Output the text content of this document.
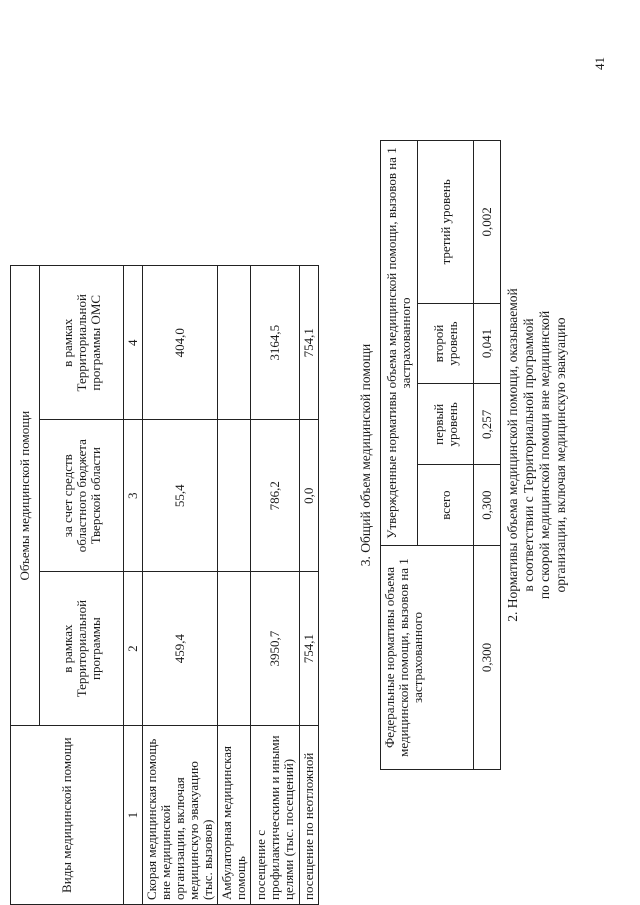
41
2. Нормативы объема медицинской помощи, оказываемой в соответствии с Территориальной программой по скорой медицинской помощи вне медицинской организации, включая медицинскую эвакуацию
Федеральные нормативы объема медицинской помощи, вызовов на 1 застрахованного	Утвержденные нормативы объема медицинской помощи, вызовов на 1 застрахованного			
	всего	первый уровень	второй уровень	третий уровень
0,300	0,300	0,257	0,041	0,002
3. Общий объем медицинской помощи
Виды медицинской помощи	Объемы медицинской помощи		
	в рамках Территориальной программы	за счет средств областного бюджета Тверской области	в рамках Территориальной программы ОМС
1	2	3	4
Скорая медицинская помощь вне медицинской организации, включая медицинскую эвакуацию (тыс. вызовов)	459,4	55,4	404,0
Амбулаторная медицинская помощь			
посещение с профилактическими и иными целями (тыс. посещений)	3950,7	786,2	3164,5
посещение по неотложной	754,1	0,0	754,1
